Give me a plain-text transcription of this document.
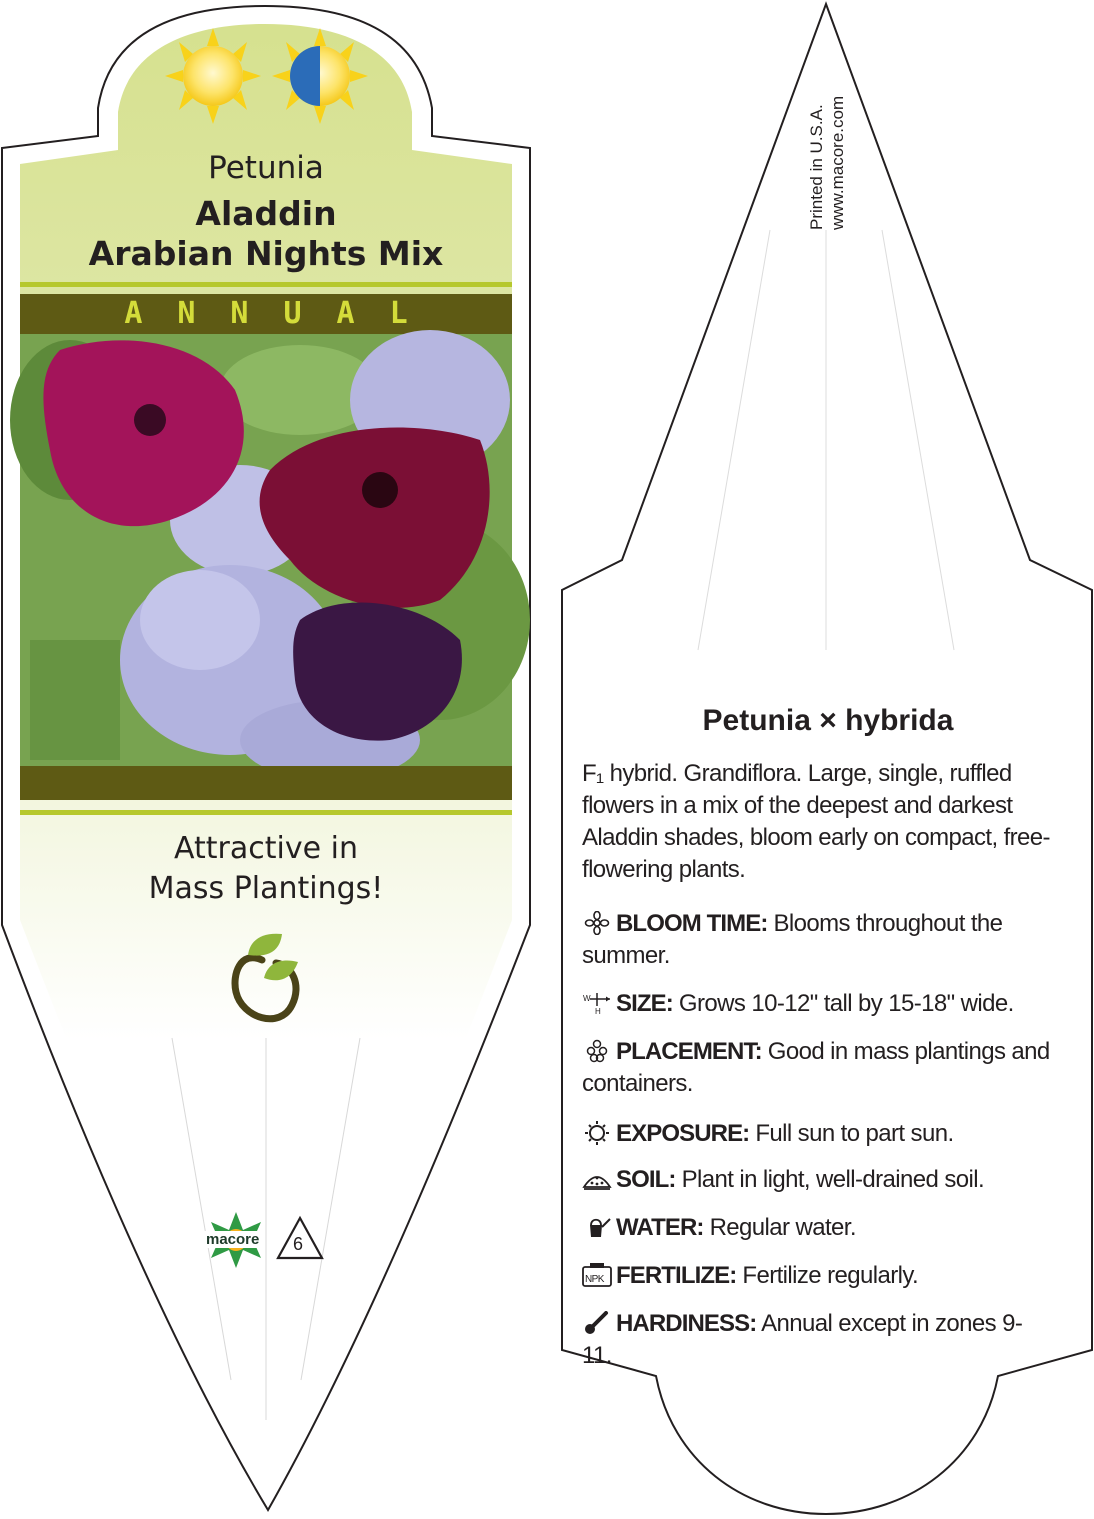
Petunia
Aladdin
Arabian Nights Mix
ANNUAL
Attractive in
Mass Plantings!
macore 6
Printed in U.S.A. www.macore.com
Petunia × hybrida
F₁ hybrid. Grandiflora. Large, single, ruffled flowers in a mix of the deepest and darkest Aladdin shades, bloom early on compact, free-flowering plants.
BLOOM TIME: Blooms throughout the summer.
W
H SIZE: Grows 10-12" tall by 15-18" wide.
PLACEMENT: Good in mass plantings and containers.
EXPOSURE: Full sun to part sun.
SOIL: Plant in light, well-drained soil.
WATER: Regular water.
NPK FERTILIZE: Fertilize regularly.
HARDINESS: Annual except in zones 9-11.
